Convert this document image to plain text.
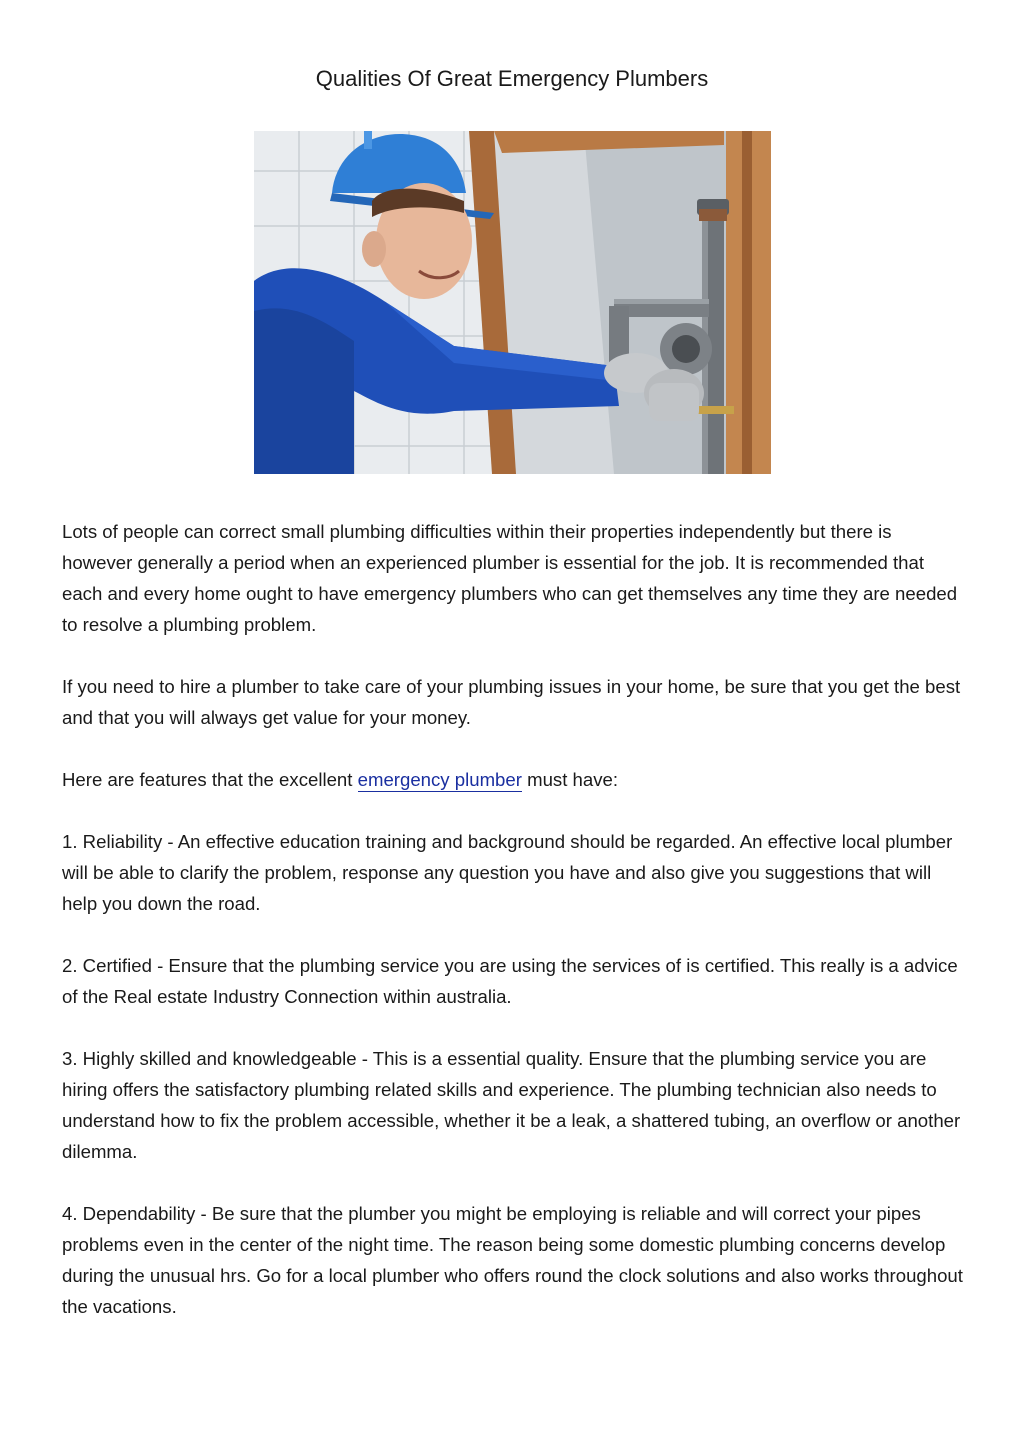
Qualities Of Great Emergency Plumbers

Lots of people can correct small plumbing difficulties within their properties independently but there is however generally a period when an experienced plumber is essential for the job. It is recommended that each and every home ought to have emergency plumbers who can get themselves any time they are needed to resolve a plumbing problem.

If you need to hire a plumber to take care of your plumbing issues in your home, be sure that you get the best and that you will always get value for your money.

Here are features that the excellent emergency plumber must have:

1. Reliability - An effective education training and background should be regarded. An effective local plumber will be able to clarify the problem, response any question you have and also give you suggestions that will help you down the road.

2. Certified - Ensure that the plumbing service you are using the services of is certified. This really is a advice of the Real estate Industry Connection within australia.

3. Highly skilled and knowledgeable - This is a essential quality. Ensure that the plumbing service you are hiring offers the satisfactory plumbing related skills and experience. The plumbing technician also needs to understand how to fix the problem accessible, whether it be a leak, a shattered tubing, an overflow or another dilemma.

4. Dependability - Be sure that the plumber you might be employing is reliable and will correct your pipes problems even in the center of the night time. The reason being some domestic plumbing concerns develop during the unusual hrs. Go for a local plumber who offers round the clock solutions and also works throughout the vacations.
